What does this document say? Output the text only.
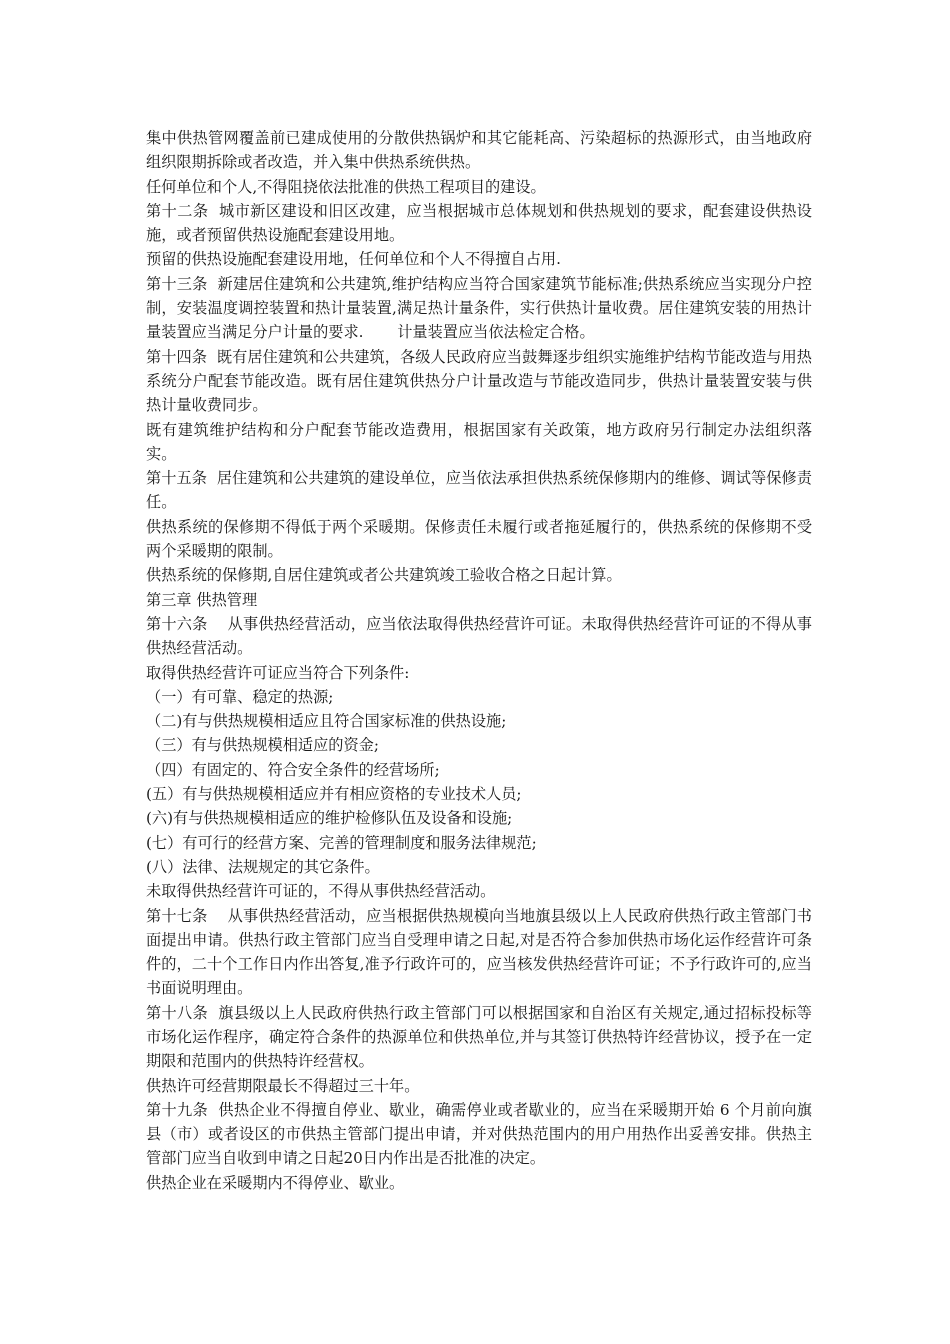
集中供热管网覆盖前已建成使用的分散供热锅炉和其它能耗高、污染超标的热源形式，由当地政府组织限期拆除或者改造，并入集中供热系统供热。

任何单位和个人,不得阻挠依法批准的供热工程项目的建设。

第十二条  城市新区建设和旧区改建，应当根据城市总体规划和供热规划的要求，配套建设供热设施，或者预留供热设施配套建设用地。

预留的供热设施配套建设用地，任何单位和个人不得擅自占用.

第十三条  新建居住建筑和公共建筑,维护结构应当符合国家建筑节能标准;供热系统应当实现分户控制，安装温度调控装置和热计量装置,满足热计量条件，实行供热计量收费。居住建筑安装的用热计量装置应当满足分户计量的要求.       计量装置应当依法检定合格。

第十四条  既有居住建筑和公共建筑，各级人民政府应当鼓舞逐步组织实施维护结构节能改造与用热系统分户配套节能改造。既有居住建筑供热分户计量改造与节能改造同步，供热计量装置安装与供热计量收费同步。

既有建筑维护结构和分户配套节能改造费用，根据国家有关政策，地方政府另行制定办法组织落实。

第十五条  居住建筑和公共建筑的建设单位，应当依法承担供热系统保修期内的维修、调试等保修责任。

供热系统的保修期不得低于两个采暖期。保修责任未履行或者拖延履行的，供热系统的保修期不受两个采暖期的限制。

供热系统的保修期,自居住建筑或者公共建筑竣工验收合格之日起计算。

第三章 供热管理

第十六条    从事供热经营活动，应当依法取得供热经营许可证。未取得供热经营许可证的不得从事供热经营活动。

取得供热经营许可证应当符合下列条件:

（一）有可靠、稳定的热源;

（二)有与供热规模相适应且符合国家标准的供热设施;

（三）有与供热规模相适应的资金;

（四）有固定的、符合安全条件的经营场所;

(五）有与供热规模相适应并有相应资格的专业技术人员;

(六)有与供热规模相适应的维护检修队伍及设备和设施;

(七）有可行的经营方案、完善的管理制度和服务法律规范;

(八）法律、法规规定的其它条件。

未取得供热经营许可证的，不得从事供热经营活动。

第十七条    从事供热经营活动，应当根据供热规模向当地旗县级以上人民政府供热行政主管部门书面提出申请。供热行政主管部门应当自受理申请之日起,对是否符合参加供热市场化运作经营许可条件的，二十个工作日内作出答复,准予行政许可的，应当核发供热经营许可证；不予行政许可的,应当书面说明理由。

第十八条  旗县级以上人民政府供热行政主管部门可以根据国家和自治区有关规定,通过招标投标等市场化运作程序，确定符合条件的热源单位和供热单位,并与其签订供热特许经营协议，授予在一定期限和范围内的供热特许经营权。

供热许可经营期限最长不得超过三十年。

第十九条  供热企业不得擅自停业、歇业，确需停业或者歇业的，应当在采暖期开始 6 个月前向旗县（市）或者设区的市供热主管部门提出申请，并对供热范围内的用户用热作出妥善安排。供热主管部门应当自收到申请之日起20日内作出是否批准的决定。

供热企业在采暖期内不得停业、歇业。
